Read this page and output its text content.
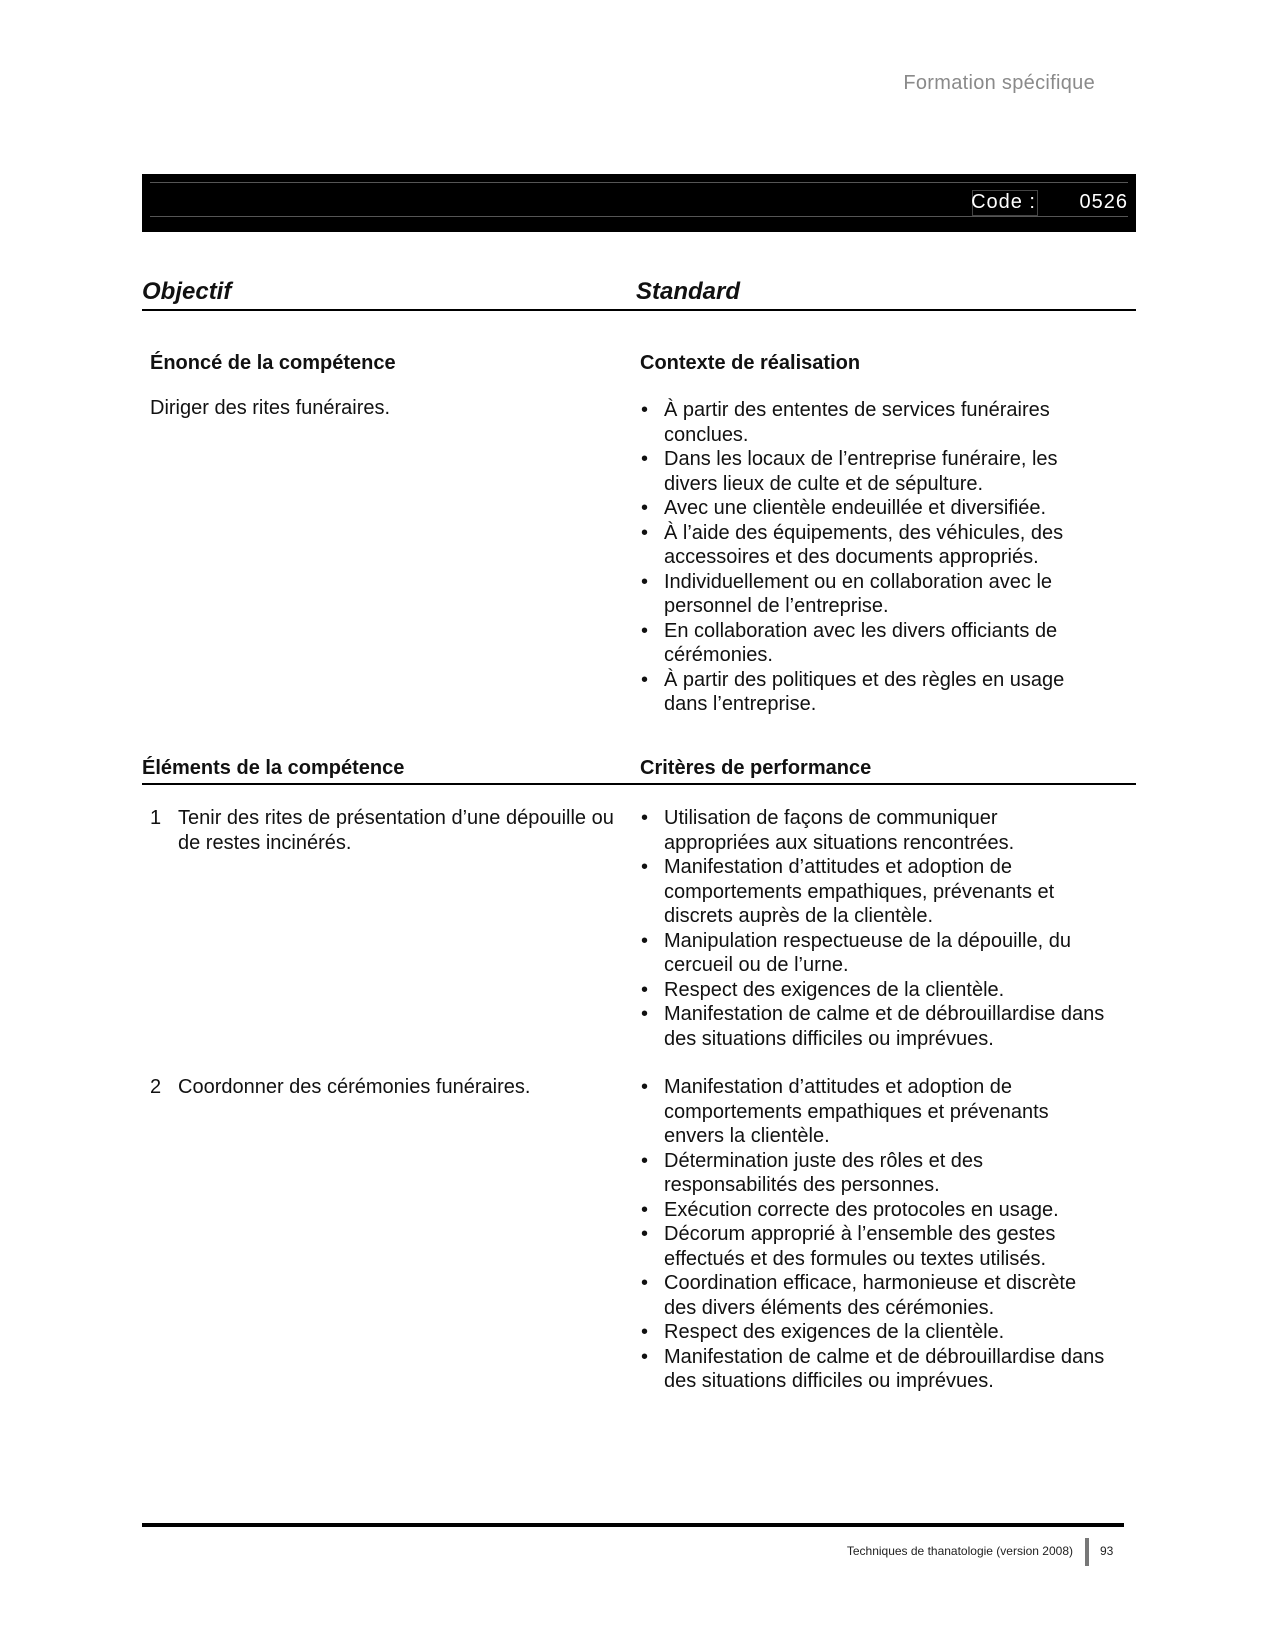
Formation spécifique
Code : 0526
Objectif	Standard
Énoncé de la compétence
Diriger des rites funéraires.
Contexte de réalisation
• À partir des ententes de services funéraires conclues.
• Dans les locaux de l’entreprise funéraire, les divers lieux de culte et de sépulture.
• Avec une clientèle endeuillée et diversifiée.
• À l’aide des équipements, des véhicules, des accessoires et des documents appropriés.
• Individuellement ou en collaboration avec le personnel de l’entreprise.
• En collaboration avec les divers officiants de cérémonies.
• À partir des politiques et des règles en usage dans l’entreprise.
Éléments de la compétence	Critères de performance
1 Tenir des rites de présentation d’une dépouille ou de restes incinérés.
• Utilisation de façons de communiquer appropriées aux situations rencontrées.
• Manifestation d’attitudes et adoption de comportements empathiques, prévenants et discrets auprès de la clientèle.
• Manipulation respectueuse de la dépouille, du cercueil ou de l’urne.
• Respect des exigences de la clientèle.
• Manifestation de calme et de débrouillardise dans des situations difficiles ou imprévues.
2 Coordonner des cérémonies funéraires.
•	Manifestation d’attitudes et adoption de comportements empathiques et prévenants envers la clientèle.
• Détermination juste des rôles et des responsabilités des personnes.
• Exécution correcte des protocoles en usage.
• Décorum approprié à l’ensemble des gestes effectués et des formules ou textes utilisés.
• Coordination efficace, harmonieuse et discrète des divers éléments des cérémonies.
• Respect des exigences de la clientèle.
• Manifestation de calme et de débrouillardise dans des situations difficiles ou imprévues.
Techniques de thanatologie (version 2008) 93
